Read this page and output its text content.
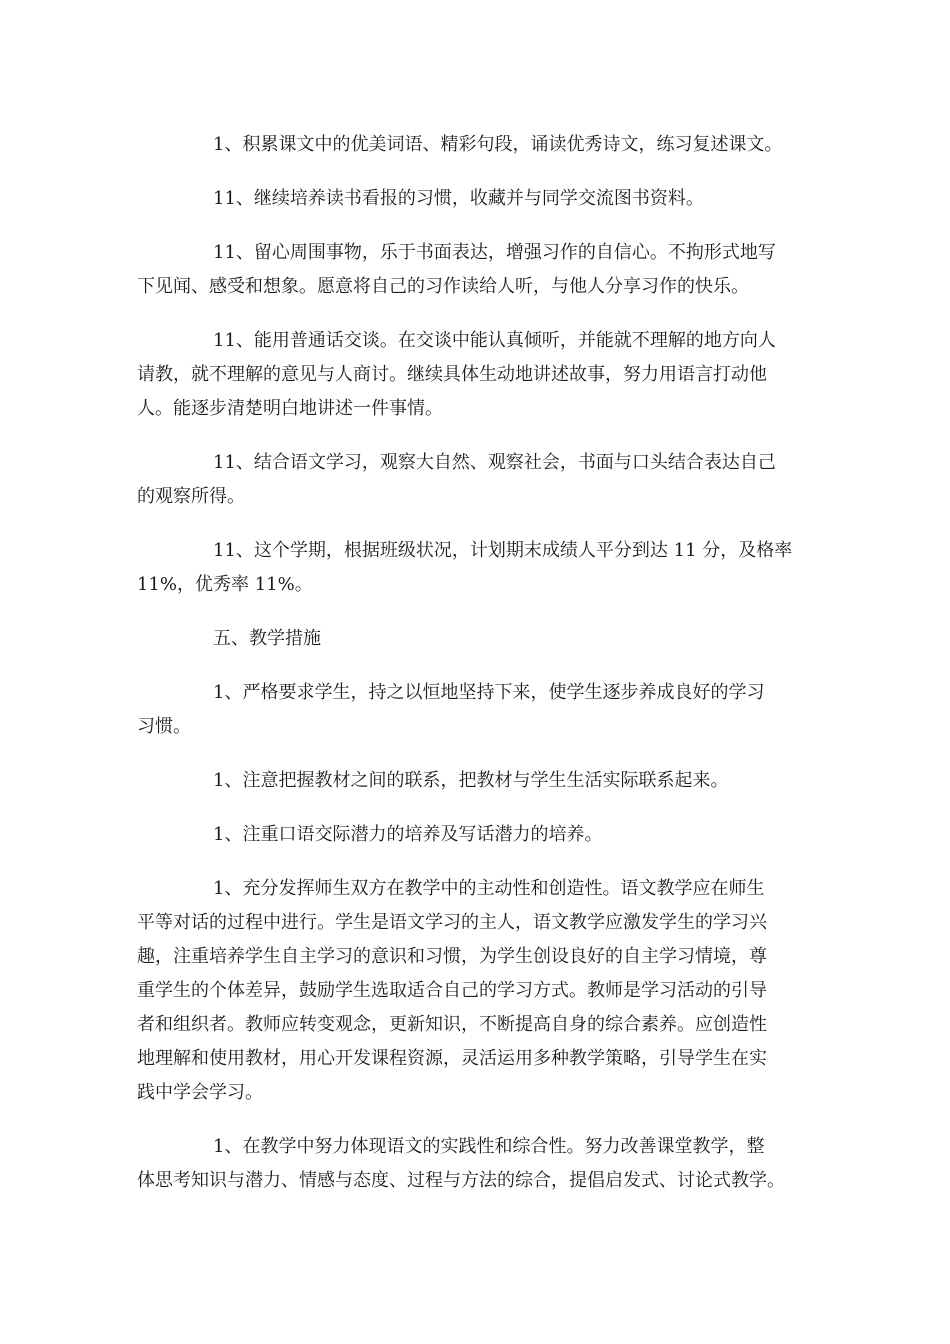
1、积累课文中的优美词语、精彩句段，诵读优秀诗文，练习复述课文。
11、继续培养读书看报的习惯，收藏并与同学交流图书资料。
11、留心周围事物，乐于书面表达，增强习作的自信心。不拘形式地写
下见闻、感受和想象。愿意将自己的习作读给人听，与他人分享习作的快乐。
11、能用普通话交谈。在交谈中能认真倾听，并能就不理解的地方向人
请教，就不理解的意见与人商讨。继续具体生动地讲述故事，努力用语言打动他
人。能逐步清楚明白地讲述一件事情。
11、结合语文学习，观察大自然、观察社会，书面与口头结合表达自己
的观察所得。
11、这个学期，根据班级状况，计划期末成绩人平分到达 11 分，及格率
11%，优秀率 11%。
五、教学措施
1、严格要求学生，持之以恒地坚持下来，使学生逐步养成良好的学习
习惯。
1、注意把握教材之间的联系，把教材与学生生活实际联系起来。
1、注重口语交际潜力的培养及写话潜力的培养。
1、充分发挥师生双方在教学中的主动性和创造性。语文教学应在师生
平等对话的过程中进行。学生是语文学习的主人，语文教学应激发学生的学习兴
趣，注重培养学生自主学习的意识和习惯，为学生创设良好的自主学习情境，尊
重学生的个体差异，鼓励学生选取适合自己的学习方式。教师是学习活动的引导
者和组织者。教师应转变观念，更新知识，不断提高自身的综合素养。应创造性
地理解和使用教材，用心开发课程资源，灵活运用多种教学策略，引导学生在实
践中学会学习。
1、在教学中努力体现语文的实践性和综合性。努力改善课堂教学，整
体思考知识与潜力、情感与态度、过程与方法的综合，提倡启发式、讨论式教学。
